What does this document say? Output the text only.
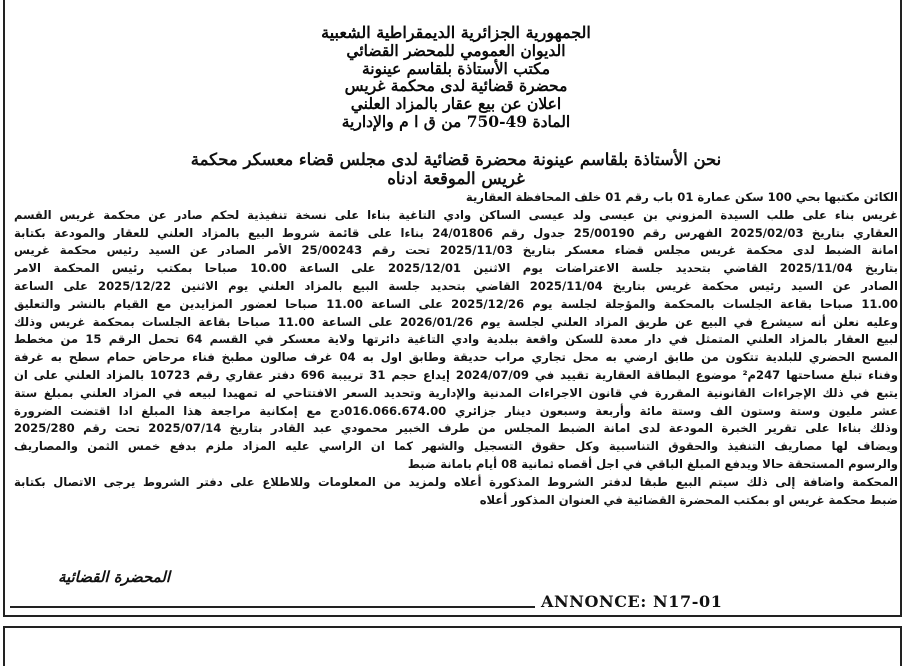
الجمهورية الجزائرية الديمقراطية الشعبية
الديوان العمومي للمحضر القضائي
مكتب الأستاذة بلقاسم عينونة
محضرة قضائية لدى محكمة غريس
اعلان عن بيع عقار بالمزاد العلني
المادة 49-750 من ق ا م والإدارية
نحن الأستاذة بلقاسم عينونة محضرة قضائية لدى مجلس قضاء معسكر محكمة
غريس الموقعة ادناه
الكائن مكتبها بحي 100 سكن عمارة 01 باب رقم 01 خلف المحافظة العقارية
غريس بناء على طلب السيدة المزوني بن عيسى ولد عيسى الساكن وادي التاغية بناءا على نسخة تنفيذية لحكم صادر عن محكمة غريس القسم
العقاري بتاريخ 2025/02/03 الفهرس رقم 25/00190 جدول رقم 24/01806 بناءا على قائمة شروط البيع بالمزاد العلني للعقار والمودعة بكتابة
امانة الضبط لدى محكمة غريس مجلس قضاء معسكر بتاريخ 2025/11/03 تحت رقم 25/00243 الأمر الصادر عن السيد رئيس محكمة غريس
بتاريخ 2025/11/04 القاضي بتحديد جلسة الاعتراضات يوم الاثنين 2025/12/01 على الساعة 10.00 صباحا بمكتب رئيس المحكمة الامر
الصادر عن السيد رئيس محكمة غريس بتاريخ 2025/11/04 القاضي بتحديد جلسة البيع بالمزاد العلني يوم الاثنين 2025/12/22 على الساعة
11.00 صباحا بقاعة الجلسات بالمحكمة والمؤجلة لجلسة يوم 2025/12/26 على الساعة 11.00 صباحا لعضور المزايدين مع القيام بالنشر والتعليق
وعليه نعلن أنه سيشرع في البيع عن طريق المزاد العلني لجلسة يوم 2026/01/26 على الساعة 11.00 صباحا بقاعة الجلسات بمحكمة غريس وذلك
لبيع العقار بالمزاد العلني المتمثل في دار معدة للسكن واقعة ببلدية وادي التاغية دائرتها ولاية معسكر في القسم 64 تحمل الرقم 15 من مخطط
المسح الحضري للبلدية تتكون من طابق ارضي به محل تجاري مراب حديقة وطابق اول به 04 غرف صالون مطبخ فناء مرحاض حمام سطح به غرفة
وفناء تبلغ مساحتها 247م² موضوع البطاقة العقارية تقييد في 2024/07/09 إيداع حجم 31 ترييبة 696 دفتر عقاري رقم 10723 بالمزاد العلني على ان
يتبع في ذلك الإجراءات القانونية المقررة في قانون الاجراءات المدنية والإدارية وتحديد السعر الافتتاحي له تمهيدا لبيعه في المزاد العلني بمبلغ ستة
عشر مليون وستة وستون الف وستة مائة وأربعة وسبعون دينار جزائري 016.066.674.00دج مع إمكانية مراجعة هذا المبلغ ادا اقتضت الضرورة
وذلك بناءا على تقرير الخبرة المودعة لدى امانة الضبط المجلس من طرف الخبير محمودي عبد القادر بتاريخ 2025/07/14 تحت رقم 2025/280
ويضاف لها مصاريف التنفيذ والحقوق التناسبية وكل حقوق التسجيل والشهر كما ان الراسي عليه المزاد ملزم بدفع خمس الثمن والمصاريف
والرسوم المستحقة حالا ويدفع المبلغ الباقي في اجل أقصاه ثمانية 08 أيام بامانة ضبط
المحكمة واضافة إلى ذلك سيتم البيع طبقا لدفتر الشروط المذكورة أعلاه ولمزيد من المعلومات وللاطلاع على دفتر الشروط يرجى الاتصال بكتابة
ضبط محكمة غريس او بمكتب المحضرة القضائية في العنوان المذكور أعلاه
المحضرة القضائية
ANNONCE: N17-01
